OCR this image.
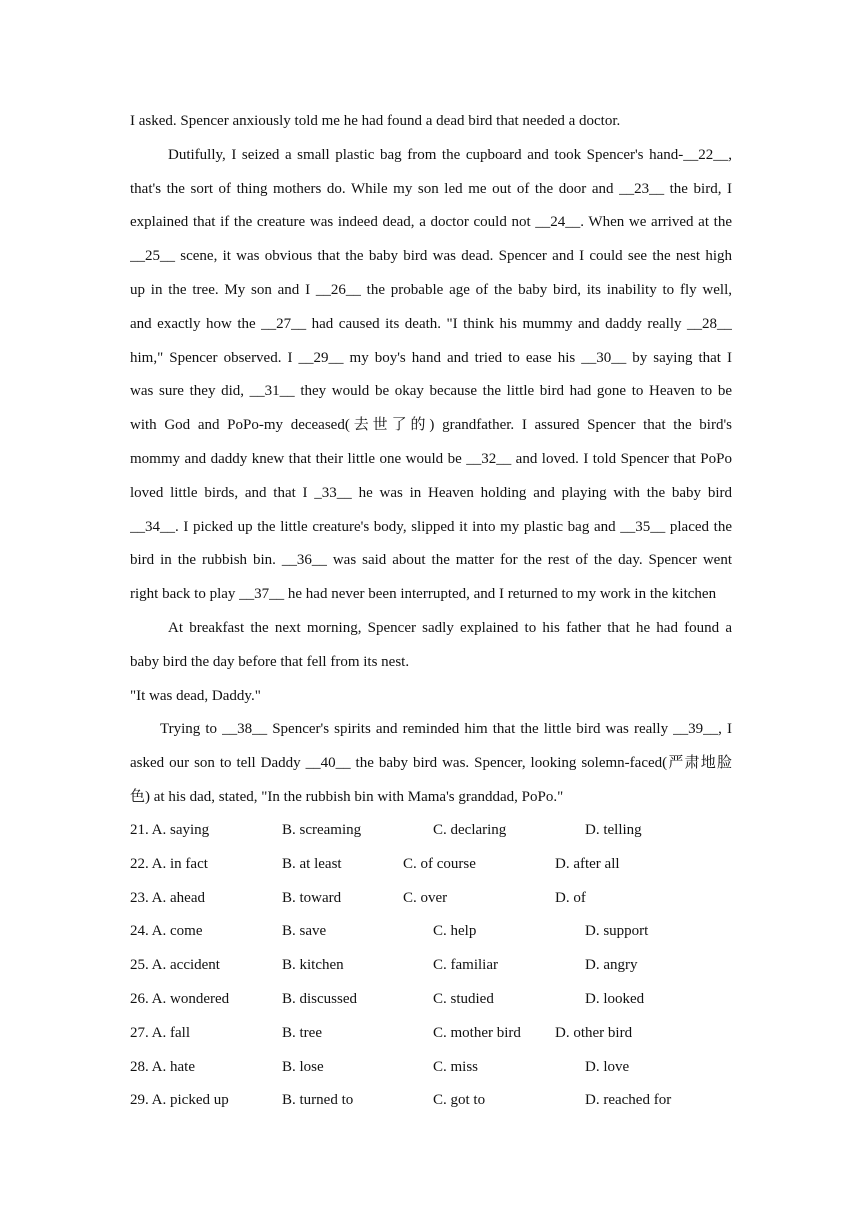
I asked. Spencer anxiously told me he had found a dead bird that needed a doctor.
Dutifully, I seized a small plastic bag from the cupboard and took Spencer's hand-__22__,
that's the sort of thing mothers do. While my son led me out of the door and __23__ the bird, I
explained that if the creature was indeed dead, a doctor could not __24__. When we arrived at the
__25__ scene, it was obvious that the baby bird was dead. Spencer and I could see the nest high
up in the tree. My son and I __26__ the probable age of the baby bird, its inability to fly well,
and exactly how the __27__ had caused its death. "I think his mummy and daddy really __28__
him," Spencer observed. I __29__ my boy's hand and tried to ease his __30__ by saying that I
was sure they did, __31__ they would be okay because the little bird had gone to Heaven to be
with God and PoPo-my deceased(去世了的) grandfather. I assured Spencer that the bird's
mommy and daddy knew that their little one would be __32__ and loved. I told Spencer that PoPo
loved little birds, and that I _33__ he was in Heaven holding and playing with the baby bird
__34__. I picked up the little creature's body, slipped it into my plastic bag and __35__ placed the
bird in the rubbish bin. __36__ was said about the matter for the rest of the day. Spencer went
right back to play __37__ he had never been interrupted, and I returned to my work in the kitchen
At breakfast the next morning, Spencer sadly explained to his father that he had found a
baby bird the day before that fell from its nest.
"It was dead, Daddy."
Trying to __38__ Spencer's spirits and reminded him that the little bird was really __39__, I
asked our son to tell Daddy __40__ the baby bird was. Spencer, looking solemn-faced(严肃地脸
色) at his dad, stated, "In the rubbish bin with Mama's granddad, PoPo."
21. A. saying	B. screaming	C. declaring	D. telling
22. A. in fact	B. at least	C. of course	D. after all
23. A. ahead	B. toward	C. over	D. of
24. A. come	B. save	C. help	D. support
25. A. accident	B. kitchen	C. familiar	D. angry
26. A. wondered	B. discussed	C. studied	D. looked
27. A. fall	B. tree	C. mother bird D. other bird
28. A. hate	B. lose	C. miss	D. love
29. A. picked up	B. turned to	C. got to	D. reached for
